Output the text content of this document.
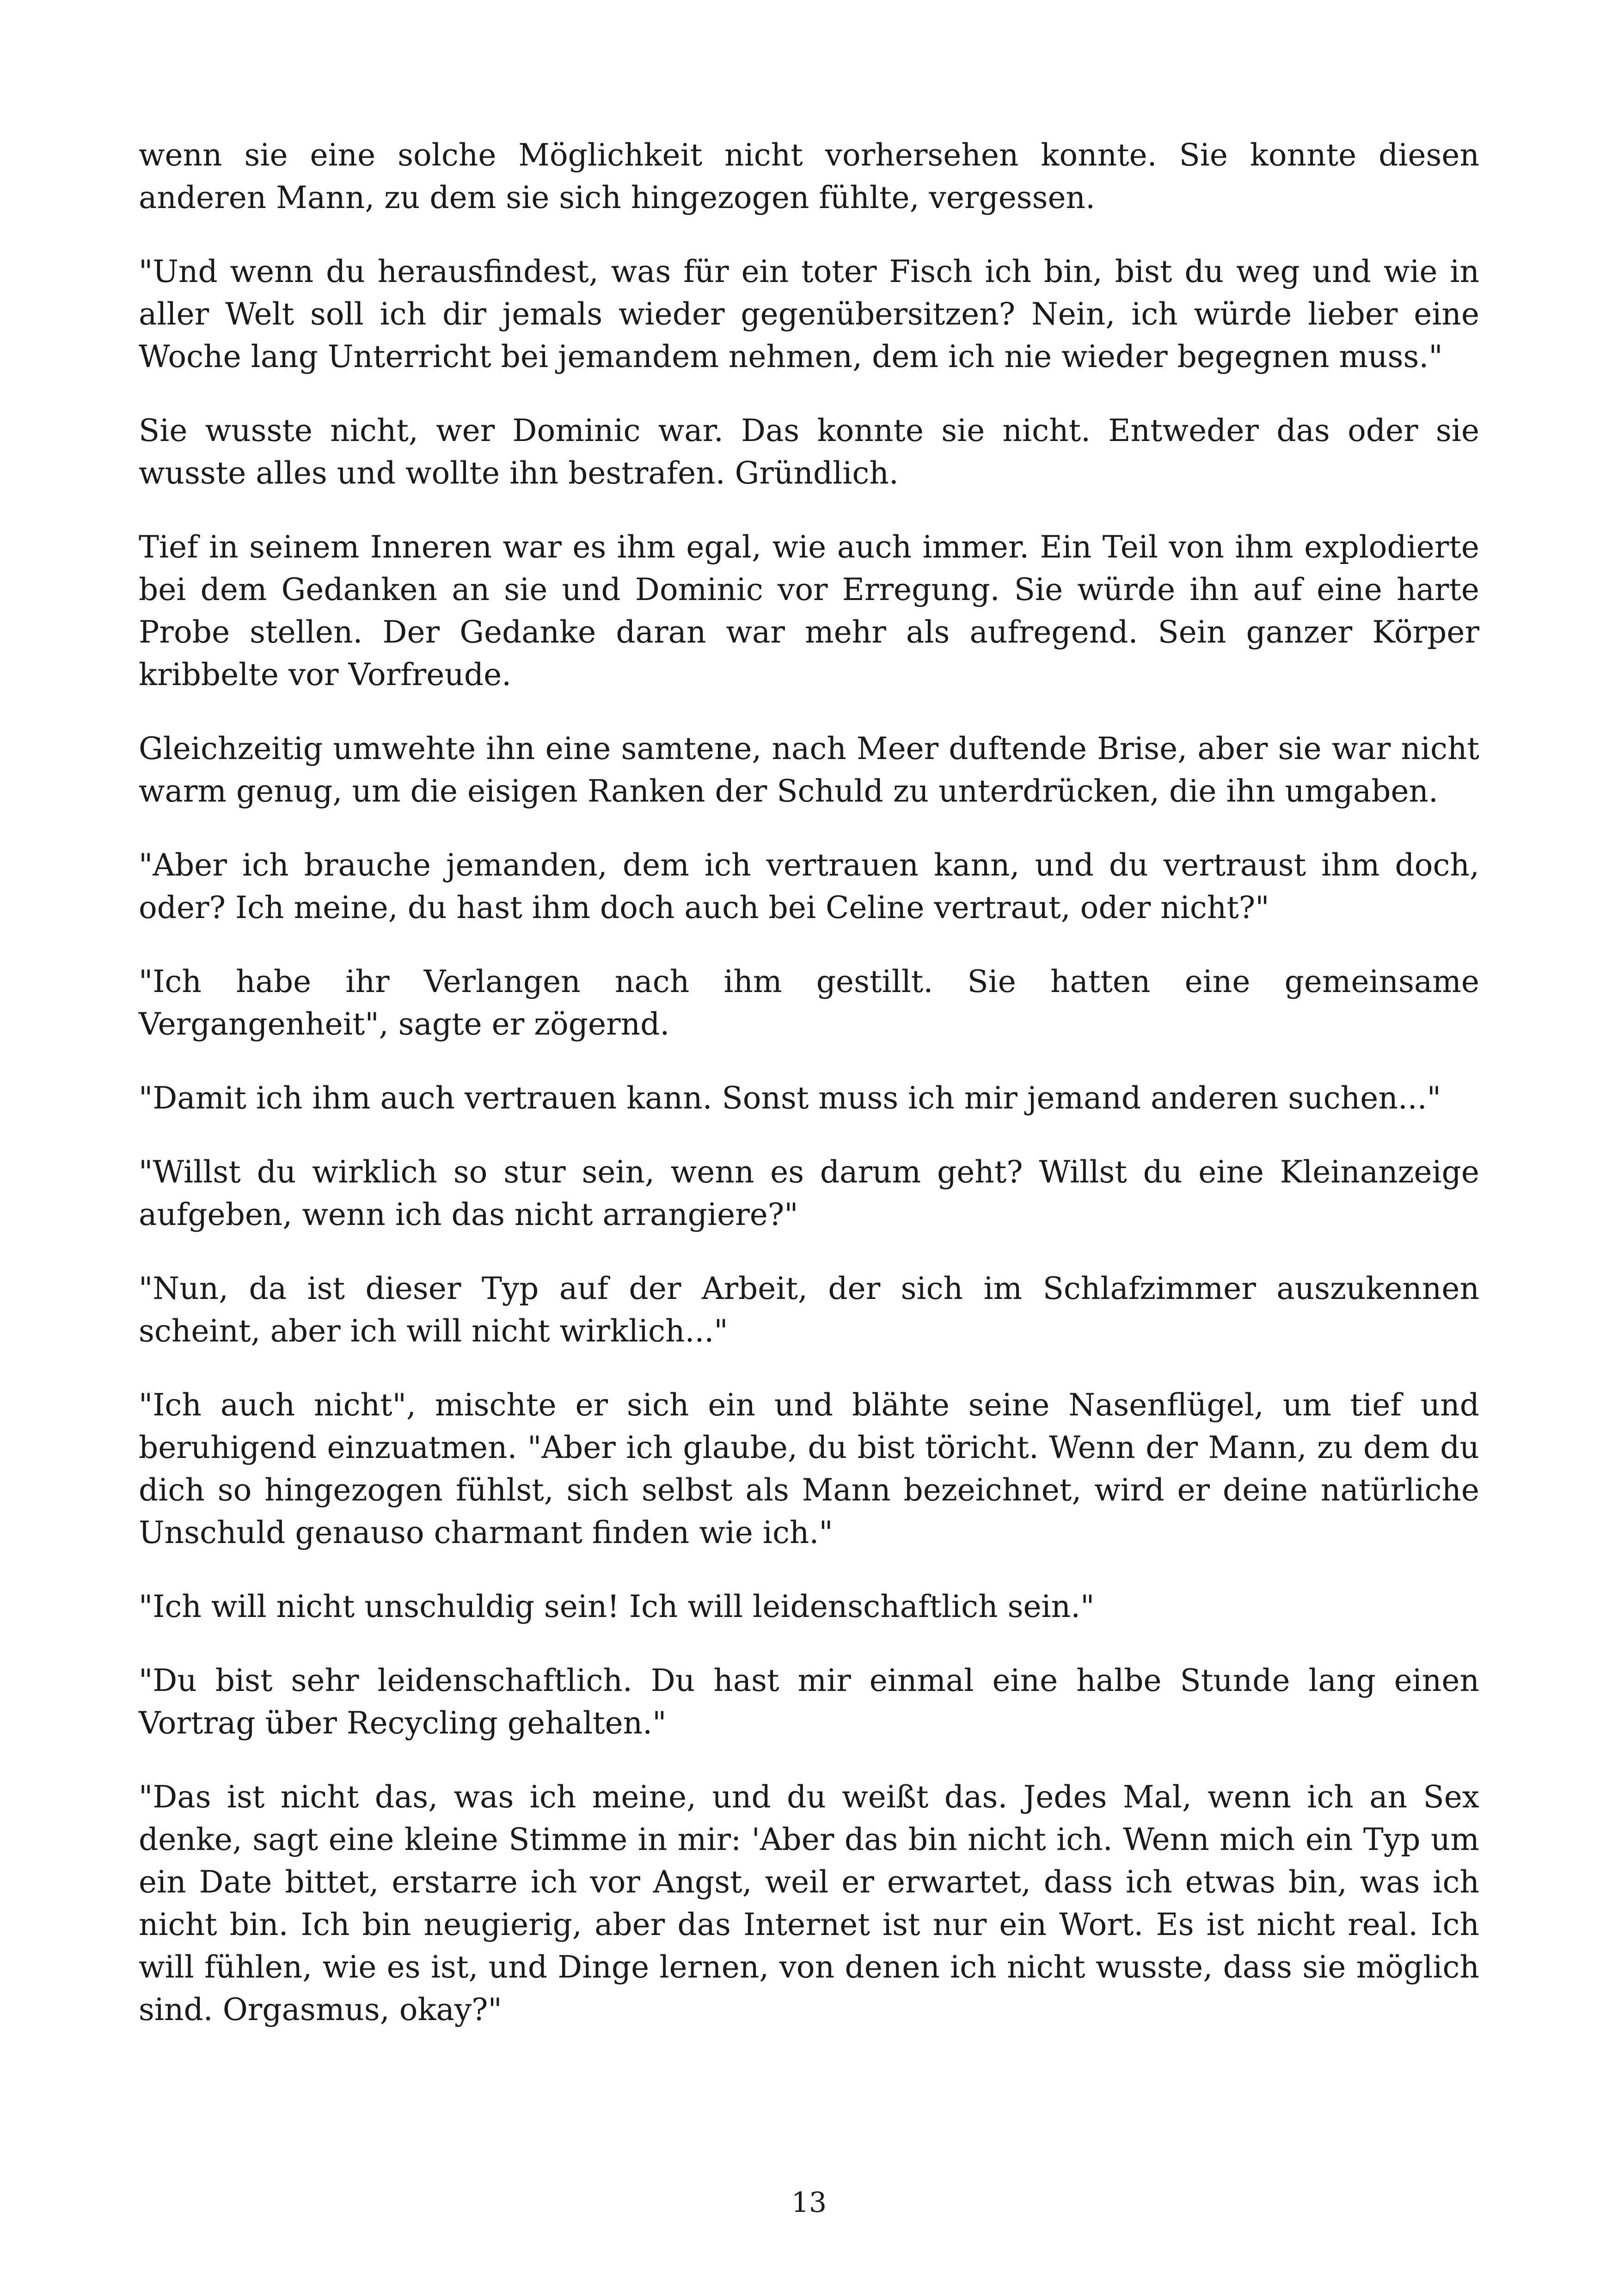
wenn sie eine solche Möglichkeit nicht vorhersehen konnte. Sie konnte diesen anderen Mann, zu dem sie sich hingezogen fühlte, vergessen.

"Und wenn du herausfindest, was für ein toter Fisch ich bin, bist du weg und wie in aller Welt soll ich dir jemals wieder gegenübersitzen? Nein, ich würde lieber eine Woche lang Unterricht bei jemandem nehmen, dem ich nie wieder begegnen muss."

Sie wusste nicht, wer Dominic war. Das konnte sie nicht. Entweder das oder sie wusste alles und wollte ihn bestrafen. Gründlich.

Tief in seinem Inneren war es ihm egal, wie auch immer. Ein Teil von ihm explodierte bei dem Gedanken an sie und Dominic vor Erregung. Sie würde ihn auf eine harte Probe stellen. Der Gedanke daran war mehr als aufregend. Sein ganzer Körper kribbelte vor Vorfreude.

Gleichzeitig umwehte ihn eine samtene, nach Meer duftende Brise, aber sie war nicht warm genug, um die eisigen Ranken der Schuld zu unterdrücken, die ihn umgaben.

"Aber ich brauche jemanden, dem ich vertrauen kann, und du vertraust ihm doch, oder? Ich meine, du hast ihm doch auch bei Celine vertraut, oder nicht?"

"Ich habe ihr Verlangen nach ihm gestillt. Sie hatten eine gemeinsame Vergangenheit", sagte er zögernd.

"Damit ich ihm auch vertrauen kann. Sonst muss ich mir jemand anderen suchen..."

"Willst du wirklich so stur sein, wenn es darum geht? Willst du eine Kleinanzeige aufgeben, wenn ich das nicht arrangiere?"

"Nun, da ist dieser Typ auf der Arbeit, der sich im Schlafzimmer auszukennen scheint, aber ich will nicht wirklich..."

"Ich auch nicht", mischte er sich ein und blähte seine Nasenflügel, um tief und beruhigend einzuatmen. "Aber ich glaube, du bist töricht. Wenn der Mann, zu dem du dich so hingezogen fühlst, sich selbst als Mann bezeichnet, wird er deine natürliche Unschuld genauso charmant finden wie ich."

"Ich will nicht unschuldig sein! Ich will leidenschaftlich sein."

"Du bist sehr leidenschaftlich. Du hast mir einmal eine halbe Stunde lang einen Vortrag über Recycling gehalten."

"Das ist nicht das, was ich meine, und du weißt das. Jedes Mal, wenn ich an Sex denke, sagt eine kleine Stimme in mir: 'Aber das bin nicht ich. Wenn mich ein Typ um ein Date bittet, erstarre ich vor Angst, weil er erwartet, dass ich etwas bin, was ich nicht bin. Ich bin neugierig, aber das Internet ist nur ein Wort. Es ist nicht real. Ich will fühlen, wie es ist, und Dinge lernen, von denen ich nicht wusste, dass sie möglich sind. Orgasmus, okay?"

13
